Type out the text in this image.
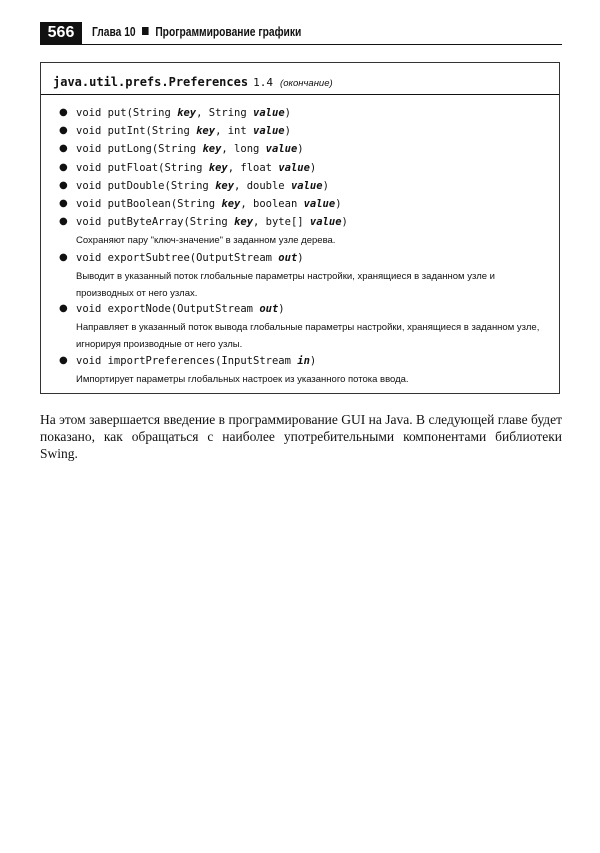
566	Глава 10 Программирование графики
java.util.prefs.Preferences 1.4 (окончание)
● void put(String key, String value)
● void putInt(String key, int value)
● void putLong(String key, long value)
● void putFloat(String key, float value)
● void putDouble(String key, double value)
● void putBoolean(String key, boolean value)
● void putByteArray(String key, byte[] value)
Сохраняют пару "ключ-значение" в заданном узле дерева.
● void exportSubtree(OutputStream out)
Выводит в указанный поток глобальные параметры настройки, хранящиеся в заданном узле и производных от него узлах.
● void exportNode(OutputStream out)
Направляет в указанный поток вывода глобальные параметры настройки, хранящиеся в заданном узле, игнорируя производные от него узлы.
● void importPreferences(InputStream in)
Импортирует параметры глобальных настроек из указанного потока ввода.
На этом завершается введение в программирование GUI на Java. В следующей главе будет показано, как обращаться с наиболее употребительными компонентами библиотеки Swing.
